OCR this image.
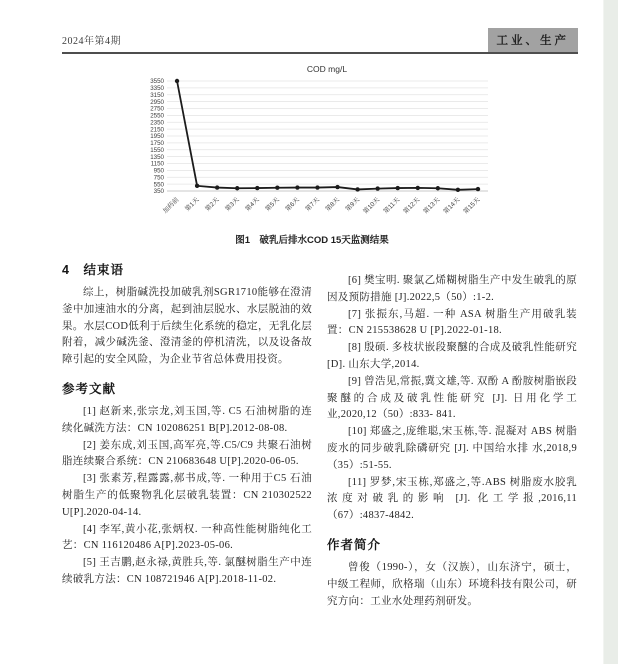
2024年第4期	工业、生产
COD mg/L
350
550
750
950
1150
1350
1550
1750
1950
2150
2350
2550
2750
2950
3150
3350
3550
加药前 第1天 第2天 第3天 第4天 第5天 第6天 第7天 第8天 第9天 第10天 第11天 第12天 第13天 第14天 第15天
图1　破乳后排水COD 15天监测结果
4　结束语

综上，树脂碱洗投加破乳剂SGR1710能够在澄清釜中加速油水的分离，起到油层脱水、水层脱油的效果。水层COD低利于后续生化系统的稳定，无乳化层附着，减少碱洗釜、澄清釜的停机清洗，以及设备故障引起的安全风险，为企业节省总体费用投资。

参考文献

[1] 赵新来,张宗龙,刘玉国,等. C5 石油树脂的连续化碱洗方法：CN 102086251 B[P].2012-08-08.

[2] 姜东成,刘玉国,高军亮,等.C5/C9 共聚石油树脂连续聚合系统：CN 210683648 U[P].2020-06-05.

[3] 张素芳,程露露,郝书成,等. 一种用于C5 石油树脂生产的低聚物乳化层破乳装置：CN 210302522 U[P].2020-04-14.

[4] 李军,黄小花,张炳权. 一种高性能树脂纯化工艺：CN 116120486 A[P].2023-05-06.

[5] 王吉鹏,赵永禄,黄胜兵,等. 氯醚树脂生产中连续破乳方法：CN 108721946 A[P].2018-11-02.

[6] 樊宝明. 聚氯乙烯糊树脂生产中发生破乳的原因及预防措施 [J].2022,5（50）:1-2.

[7] 张振东,马超. 一种 ASA 树脂生产用破乳装置：CN 215538628 U [P].2022-01-18.

[8] 殷硕. 多枝状嵌段聚醚的合成及破乳性能研究 [D]. 山东大学,2014.

[9] 曾浩见,常振,冀文雄,等. 双酚 A 酚胺树脂嵌段聚醚的合成及破乳性能研究 [J]. 日用化学工业,2020,12（50）:833- 841.

[10] 郑盛之,庞维聪,宋玉栋,等. 混凝对 ABS 树脂废水的同步破乳除磷研究 [J]. 中国给水排 水,2018,9（35）:51-55.

[11] 罗梦,宋玉栋,郑盛之,等.ABS 树脂废水胶乳浓度对破乳的影响 [J]. 化工学报,2016,11（67）:4837-4842.

作者简介

曾俊（1990-），女（汉族），山东济宁，硕士，中级工程师，欣格瑞（山东）环境科技有限公司，研究方向：工业水处理药剂研发。
